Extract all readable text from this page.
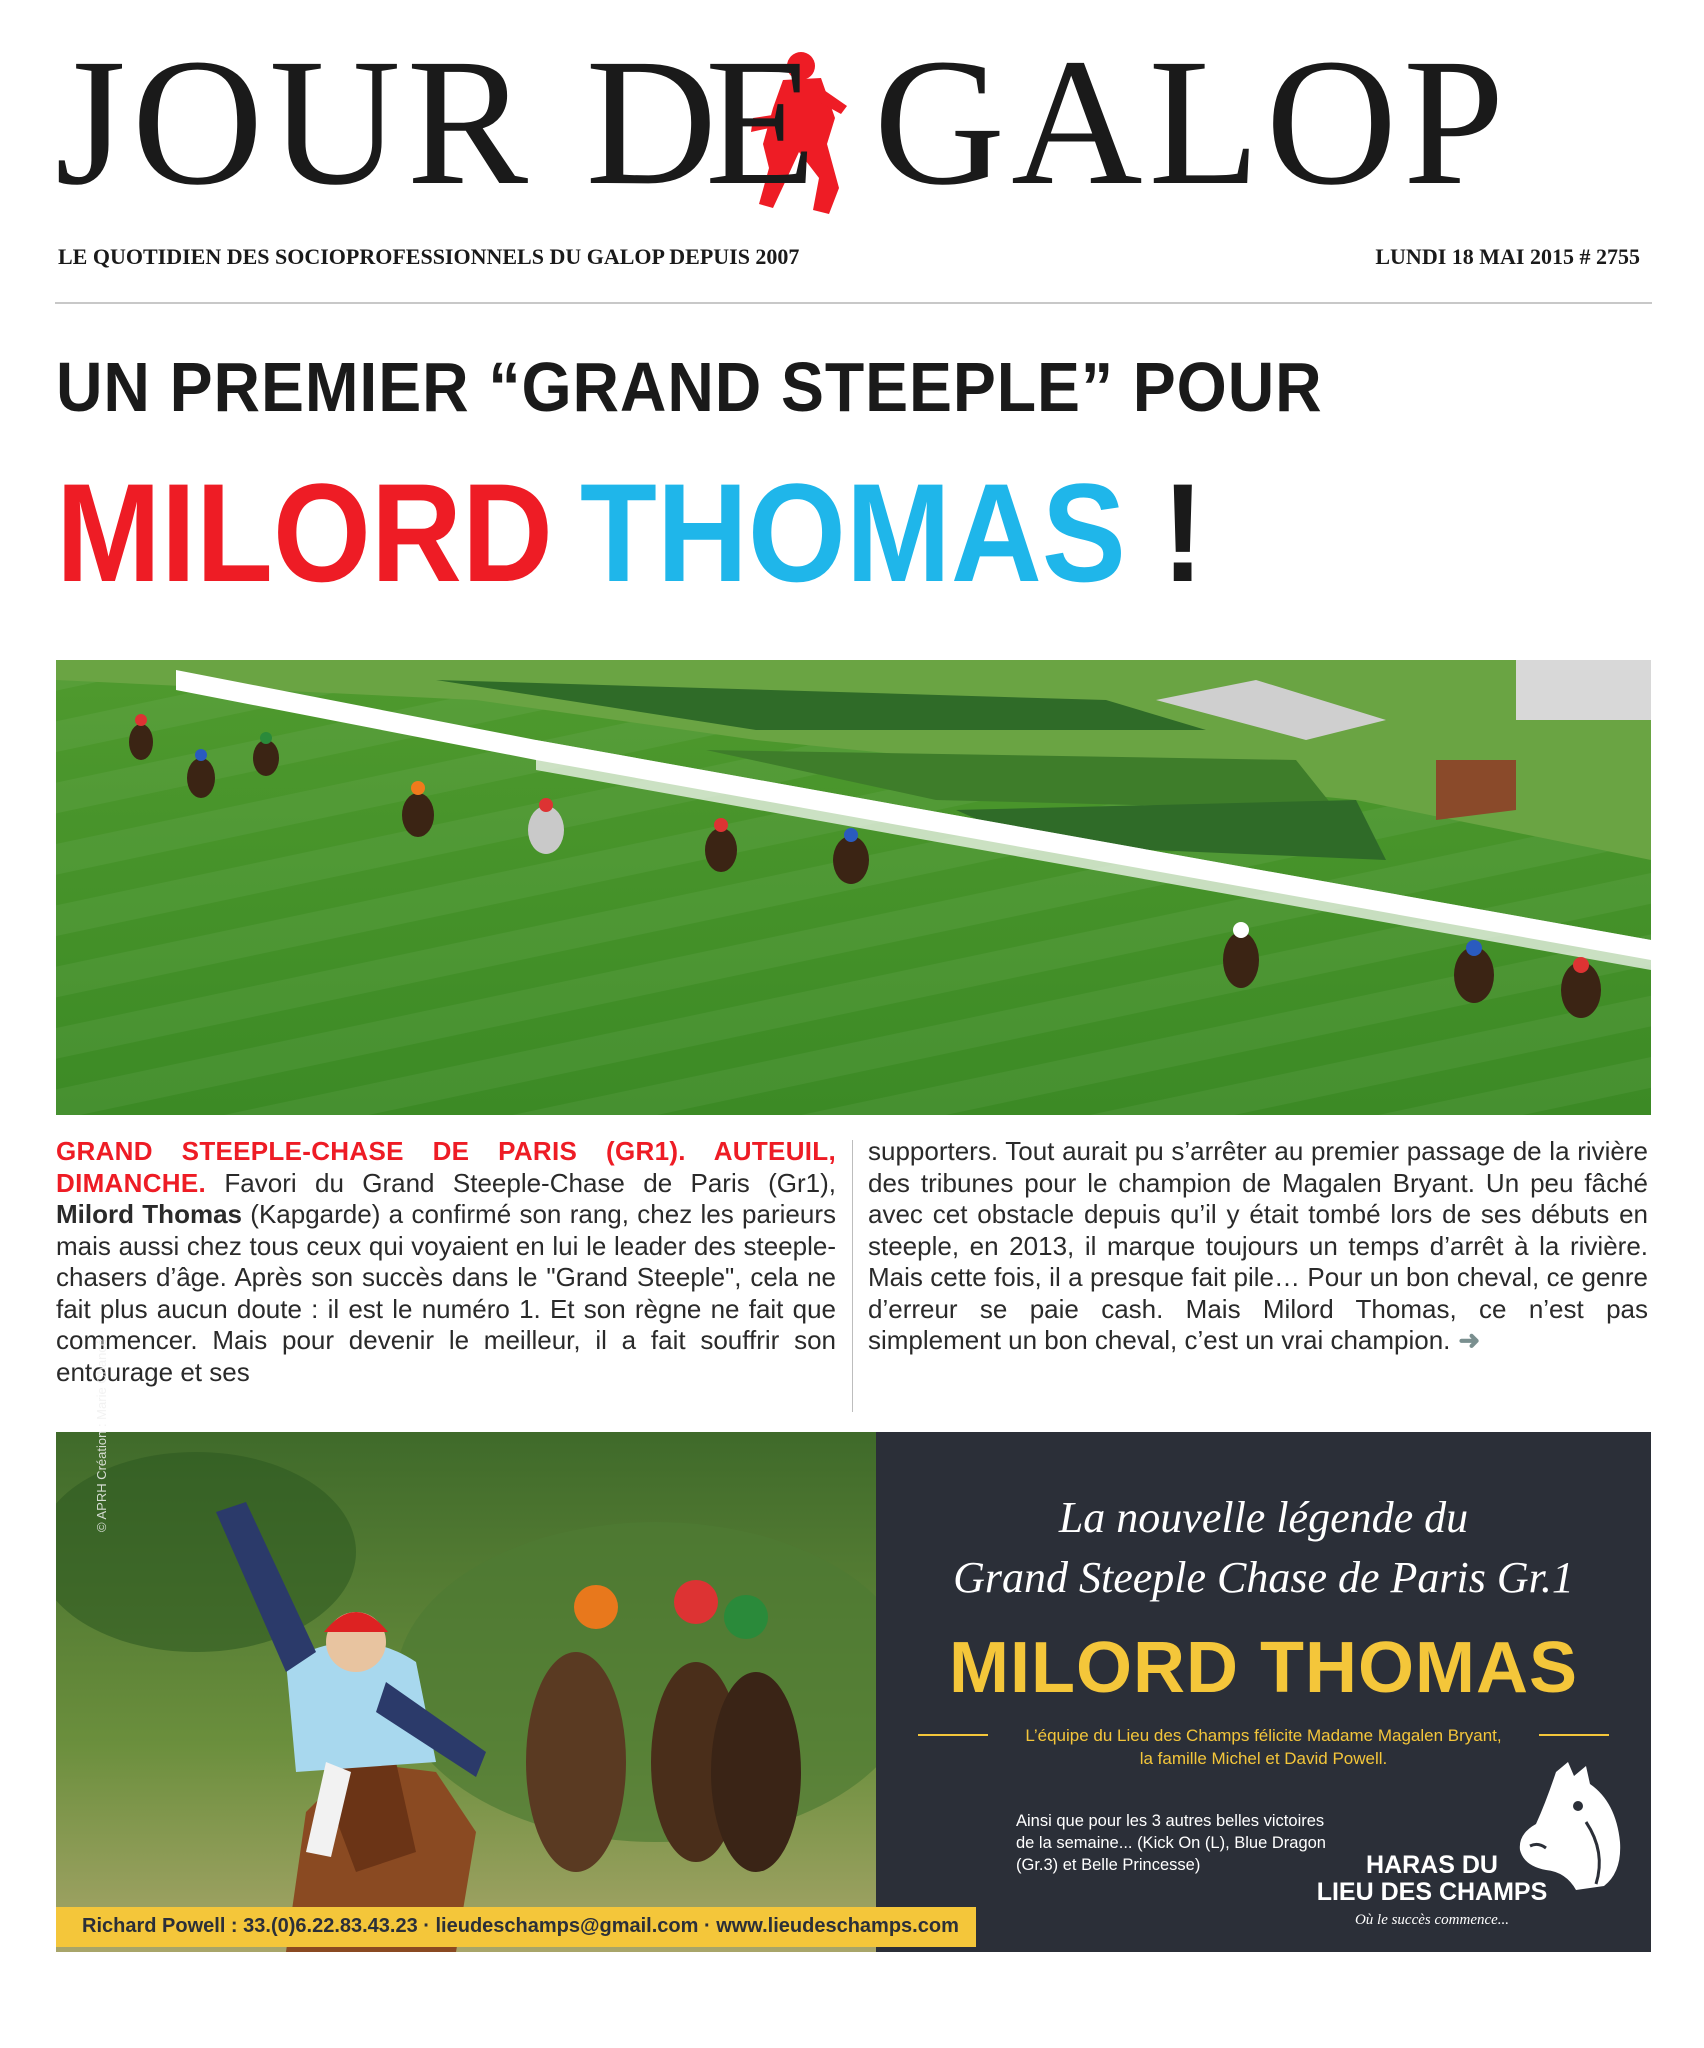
JOUR D
E GALOP
LE QUOTIDIEN DES SOCIOPROFESSIONNELS DU GALOP DEPUIS 2007	LUNDI 18 MAI 2015 # 2755
UN PREMIER “GRAND STEEPLE” POUR
MILORD THOMAS !
GRAND STEEPLE-CHASE DE PARIS (GR1). AUTEUIL, DIMANCHE. Favori du Grand Steeple-Chase de Paris (Gr1), Milord Thomas (Kapgarde) a confirmé son rang, chez les parieurs mais aussi chez tous ceux qui voyaient en lui le leader des steeple-chasers d’âge. Après son succès dans le "Grand Steeple", cela ne fait plus aucun doute : il est le numéro 1. Et son règne ne fait que commencer. Mais pour devenir le meilleur, il a fait souffrir son entourage et ses
supporters. Tout aurait pu s’arrêter au premier passage de la rivière des tribunes pour le champion de Magalen Bryant. Un peu fâché avec cet obstacle depuis qu’il y était tombé lors de ses débuts en steeple, en 2013, il marque toujours un temps d’arrêt à la rivière. Mais cette fois, il a presque fait pile… Pour un bon cheval, ce genre d’erreur se paie cash. Mais Milord Thomas, ce n’est pas simplement un bon cheval, c’est un vrai champion. ➜
© APRH Création : Marie Chancé	La nouvelle légende du
Grand Steeple Chase de Paris Gr.1
MILORD THOMAS
L’équipe du Lieu des Champs félicite Madame Magalen Bryant,
la famille Michel et David Powell.
Ainsi que pour les 3 autres belles victoires de la semaine... (Kick On (L), Blue Dragon (Gr.3) et Belle Princesse)	HARAS DU
LIEU DES CHAMPS
Où le succès commence...
Richard Powell : 33.(0)6.22.83.43.23 · lieudeschamps@gmail.com · www.lieudeschamps.com
